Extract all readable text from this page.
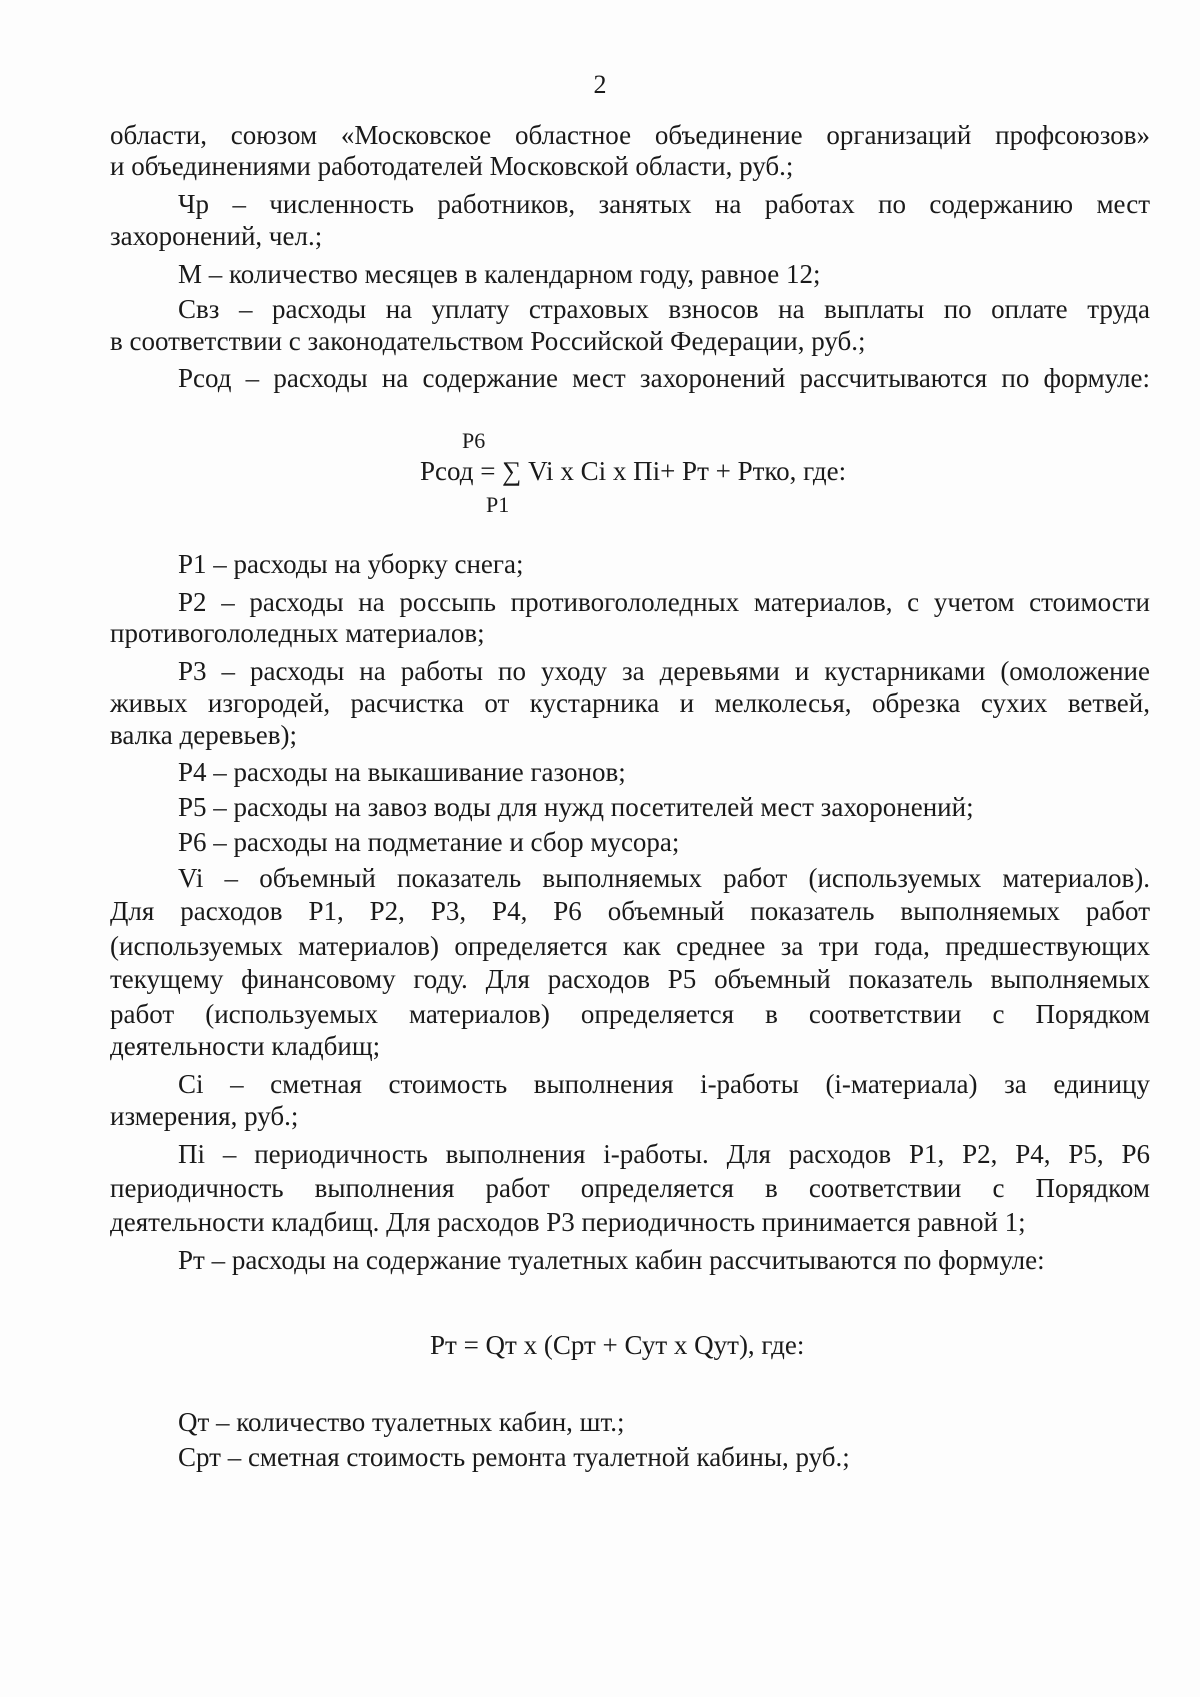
2
области, союзом «Московское областное объединение организаций профсоюзов»
и объединениями работодателей Московской области, руб.;
Чр – численность работников, занятых на работах по содержанию мест
захоронений, чел.;
М – количество месяцев в календарном году, равное 12;
Свз – расходы на уплату страховых взносов на выплаты по оплате труда
в соответствии с законодательством Российской Федерации, руб.;
Рсод – расходы на содержание мест захоронений рассчитываются по формуле:
Р6
Рсод = ∑ Vi x Сi x Пi+ Рт + Ртко, где:
Р1
Р1 – расходы на уборку снега;
Р2 – расходы на россыпь противогололедных материалов, с учетом стоимости
противогололедных материалов;
Р3 – расходы на работы по уходу за деревьями и кустарниками (омоложение
живых изгородей, расчистка от кустарника и мелколесья, обрезка сухих ветвей,
валка деревьев);
Р4 – расходы на выкашивание газонов;
Р5 – расходы на завоз воды для нужд посетителей мест захоронений;
Р6 – расходы на подметание и сбор мусора;
Vi – объемный показатель выполняемых работ (используемых материалов).
Для расходов Р1, Р2, Р3, Р4, Р6 объемный показатель выполняемых работ
(используемых материалов) определяется как среднее за три года, предшествующих
текущему финансовому году. Для расходов Р5 объемный показатель выполняемых
работ (используемых материалов) определяется в соответствии с Порядком
деятельности кладбищ;
Сi – сметная стоимость выполнения i-работы (i-материала) за единицу
измерения, руб.;
Пi – периодичность выполнения i-работы. Для расходов Р1, Р2, Р4, Р5, Р6
периодичность выполнения работ определяется в соответствии с Порядком
деятельности кладбищ. Для расходов Р3 периодичность принимается равной 1;
Рт – расходы на содержание туалетных кабин рассчитываются по формуле:
Рт = Qт x (Срт + Сут x Qут), где:
Qт – количество туалетных кабин, шт.;
Срт – сметная стоимость ремонта туалетной кабины, руб.;
